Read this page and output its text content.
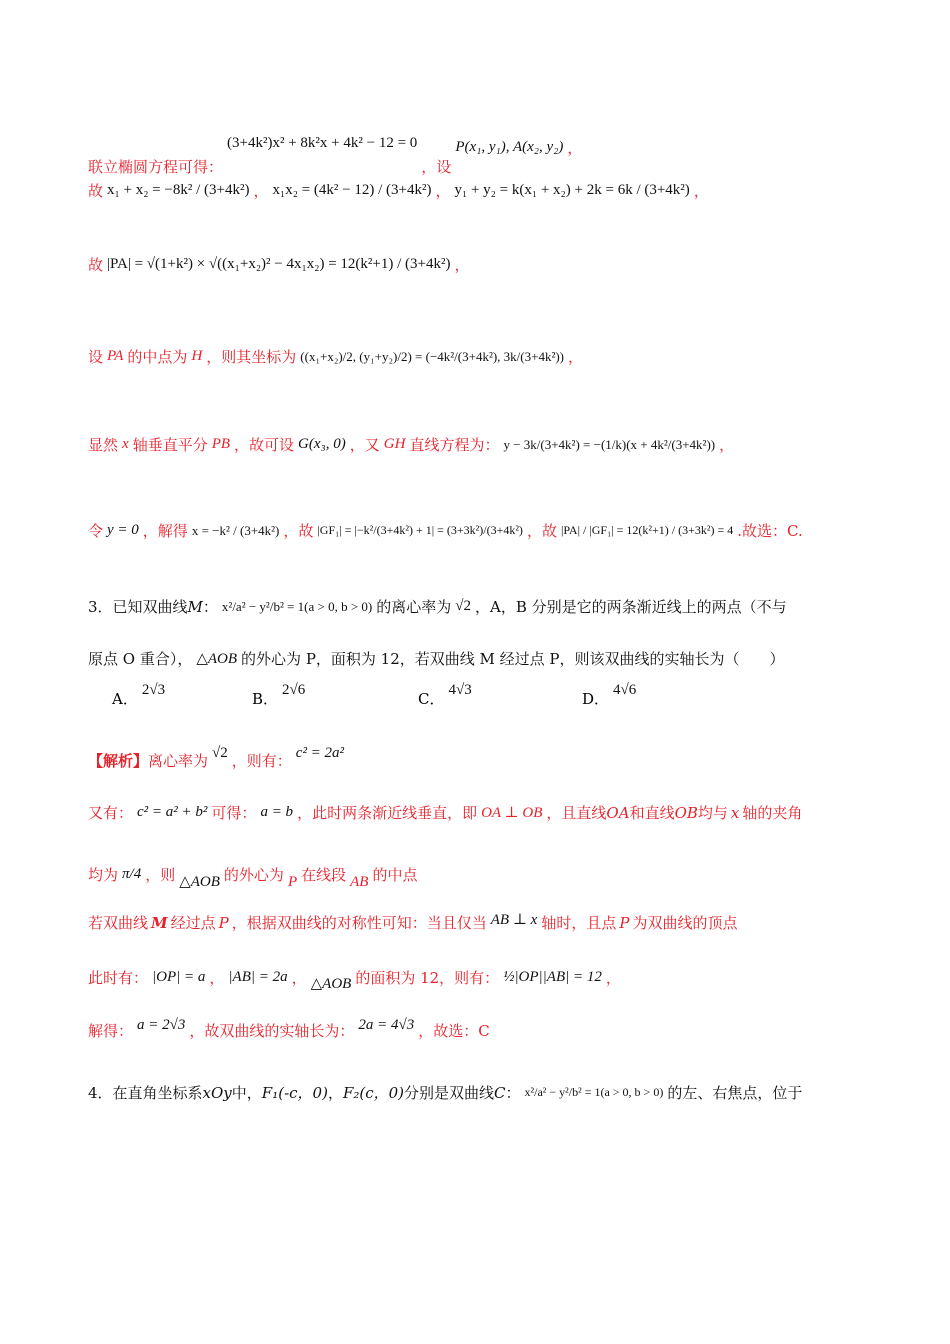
联立椭圆方程可得：
(3+4k²)x² + 8k²x + 4k² − 12 = 0
，设
P(x₁, y₁), A(x₂, y₂) ，
故 x₁ + x₂ = −8k² / (3+4k²) ， x₁x₂ = (4k² − 12) / (3+4k²) ， y₁ + y₂ = k(x₁ + x₂) + 2k = 6k / (3+4k²) ，
故 |PA| = √(1+k²) × √((x₁+x₂)² − 4x₁x₂) = 12(k²+1) / (3+4k²) ，
设 PA 的中点为 H ，则其坐标为 ((x₁+x₂)/2, (y₁+y₂)/2) = (−4k²/(3+4k²), 3k/(3+4k²)) ，
显然 x 轴垂直平分 PB ，故可设 G(x₃, 0) ，又 GH 直线方程为： y − 3k/(3+4k²) = −(1/k)(x + 4k²/(3+4k²)) ，
令 y = 0 ，解得 x = −k² / (3+4k²) ，故 |GF₁| = |−k²/(3+4k²) + 1| = (3+3k²)/(3+4k²) ，故 |PA| / |GF₁| = 12(k²+1) / (3+3k²) = 4 .故选：C.
3．已知双曲线 M ： x²/a² − y²/b² = 1(a > 0, b > 0) 的离心率为 √2 ，A，B 分别是它的两条渐近线上的两点（不与
原点 O 重合）， △AOB 的外心为 P，面积为 12，若双曲线 M 经过点 P，则该双曲线的实轴长为（　　）
A． 2√3	B． 2√6	C． 4√3	D． 4√6
【解析】 离心率为 √2 ，则有： c² = 2a²
又有： c² = a² + b² 可得： a = b ，此时两条渐近线垂直，即 OA ⊥ OB ，且直线 OA 和直线 OB 均与 x 轴的夹角
均为 π/4 ，则 △AOB 的外心为 P 在线段 AB 的中点
若双曲线 M 经过点 P ，根据双曲线的对称性可知：当且仅当 AB ⊥ x 轴时，且点 P 为双曲线的顶点
此时有： |OP| = a ， |AB| = 2a ， △AOB 的面积为 12，则有： ½|OP||AB| = 12 ，
解得： a = 2√3 ，故双曲线的实轴长为： 2a = 4√3 ，故选：C
4．在直角坐标系 xOy 中， F₁(-c，0) ， F₂(c，0) 分别是双曲线 C ： x²/a² − y²/b² = 1(a > 0, b > 0) 的左、右焦点，位于
